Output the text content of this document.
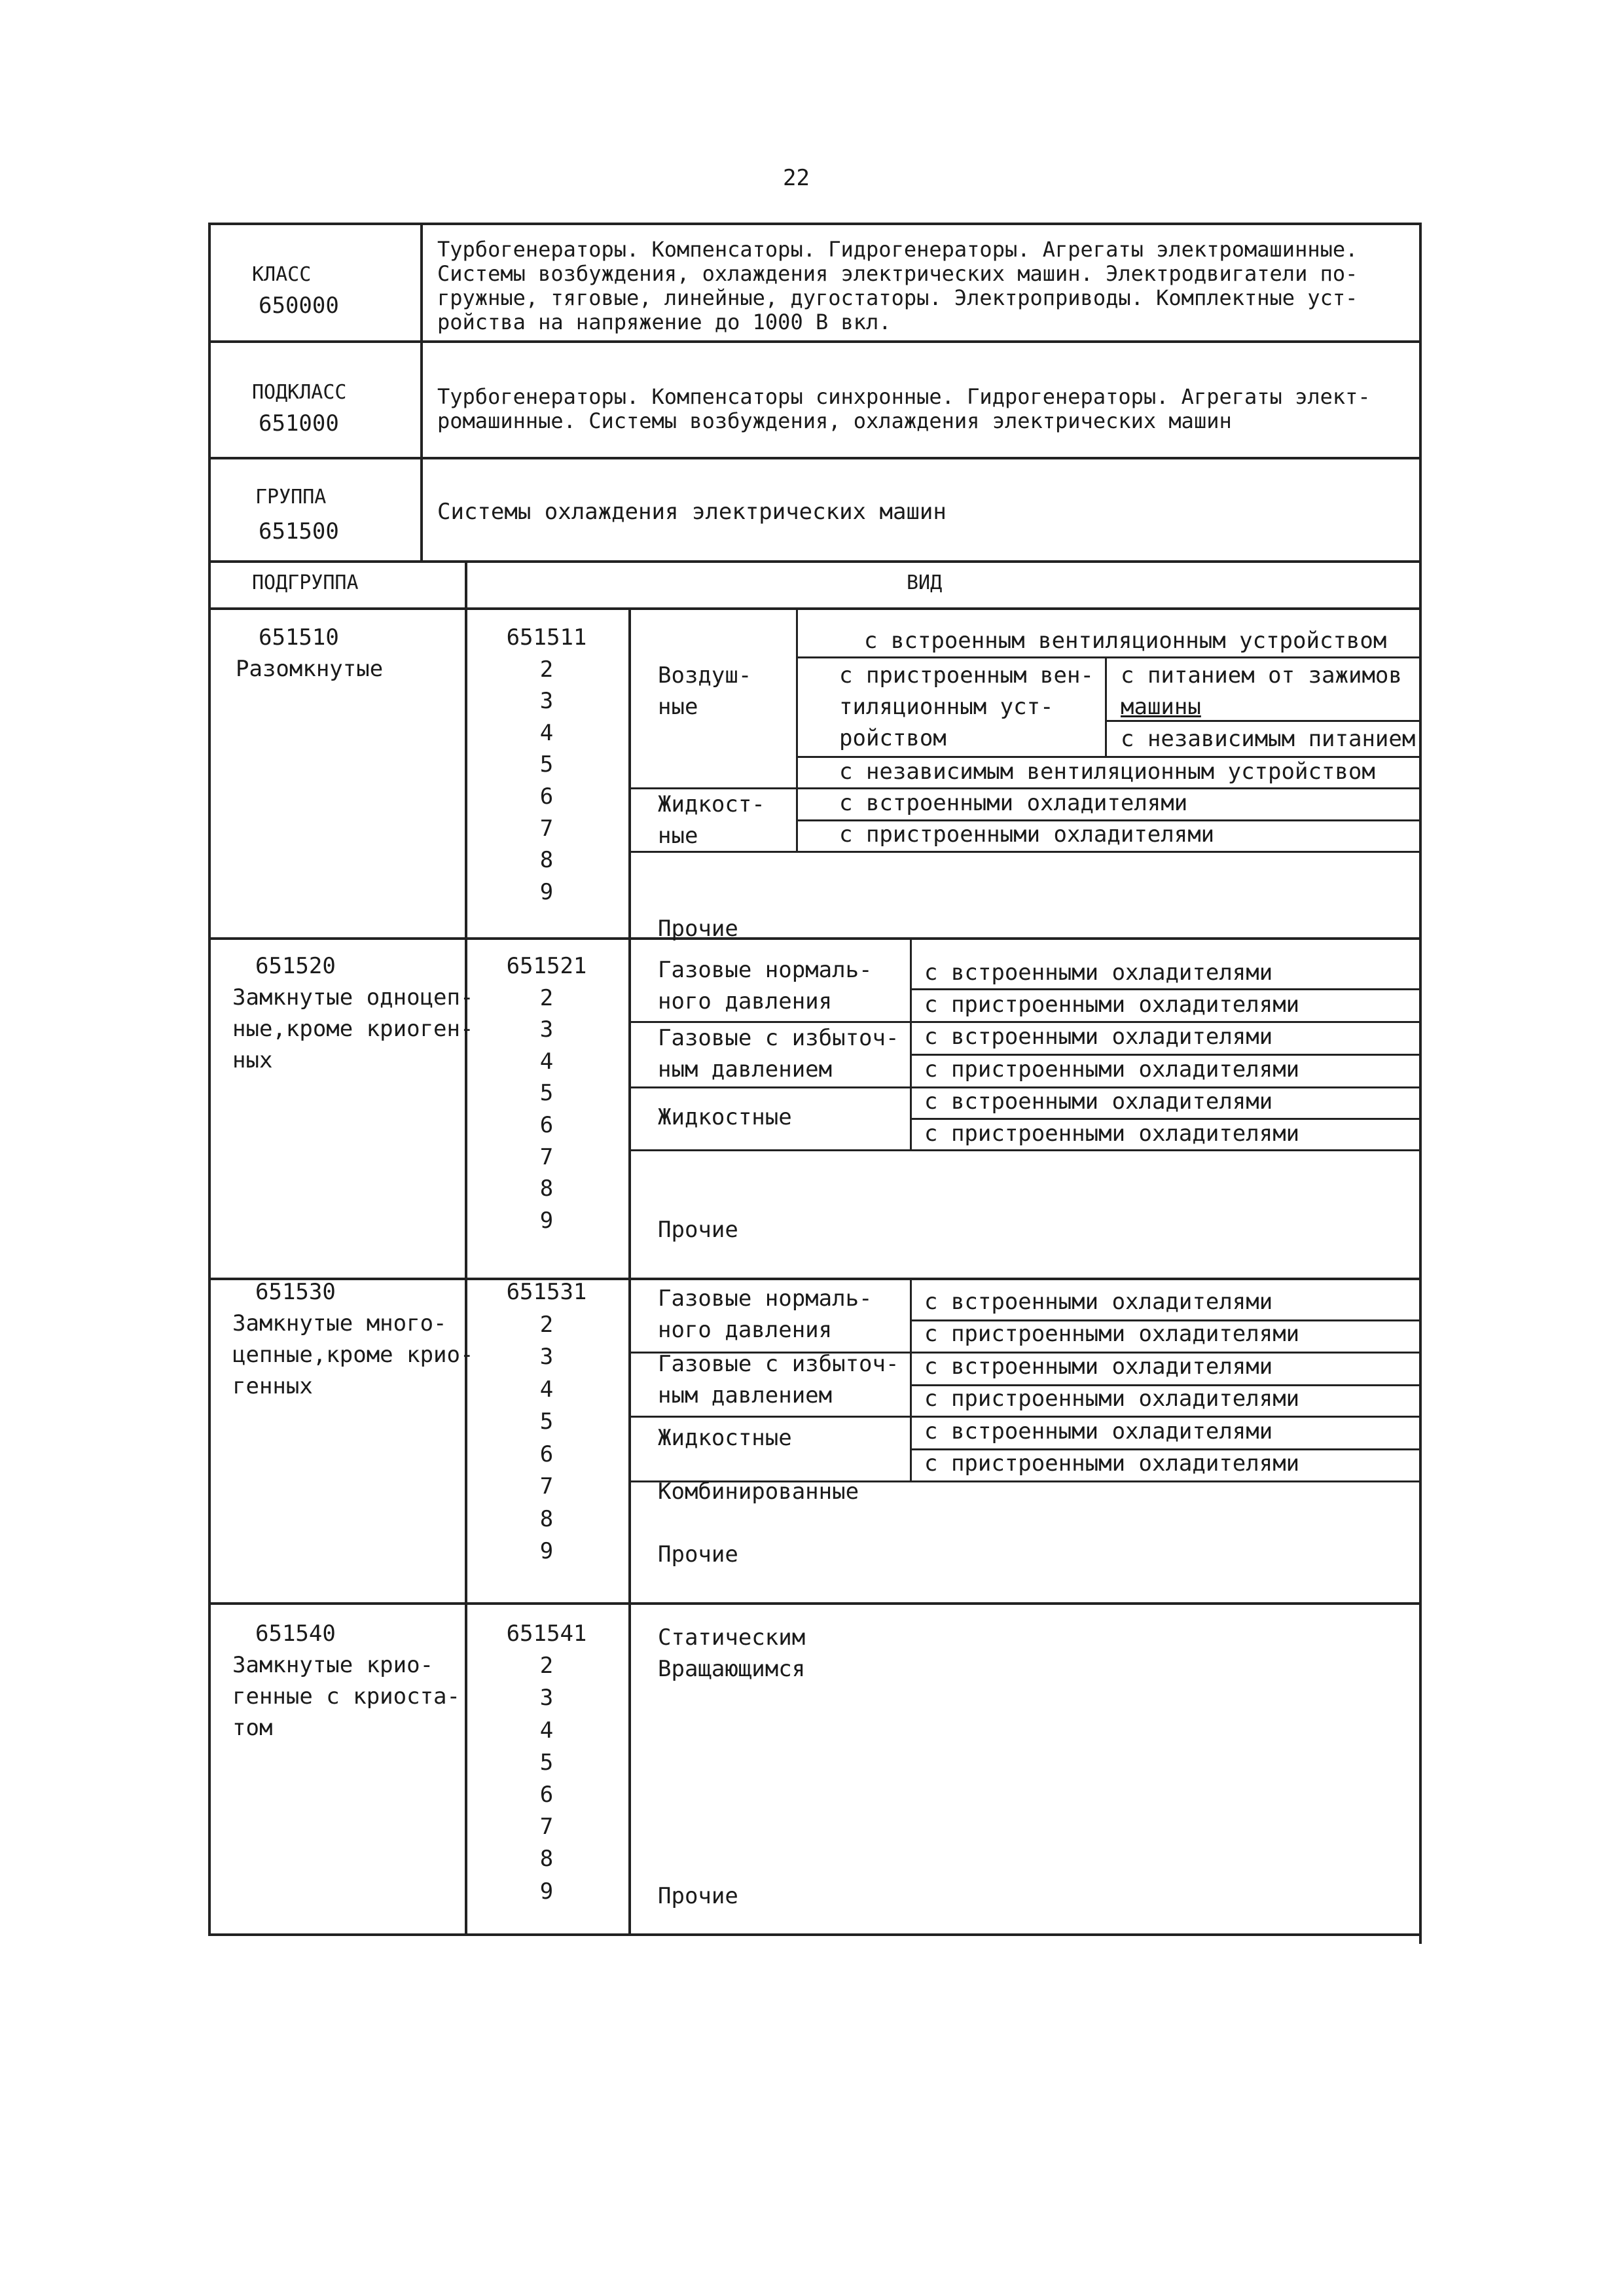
22
КЛАСС
650000
Турбогенераторы. Компенсаторы. Гидрогенераторы. Агрегаты электромашинные.
Системы возбуждения, охлаждения электрических машин. Электродвигатели по-
гружные, тяговые, линейные, дугостаторы. Электроприводы. Комплектные уст-
ройства на напряжение до 1000 В вкл.
ПОДКЛАСС
651000
Турбогенераторы. Компенсаторы синхронные. Гидрогенераторы. Агрегаты элект-
ромашинные. Системы возбуждения, охлаждения электрических машин
ГРУППА
651500
Системы охлаждения электрических машин
ПОДГРУППА	ВИД
651510
Разомкнутые
651511
2
3
4
5
6
7
8
9
Воздуш-
ные
с встроенным вентиляционным устройством
с пристроенным вен-
тиляционным уст-
ройством
с питанием от зажимов
машины
с независимым питанием
с независимым вентиляционным устройством
Жидкост-
ные
с встроенными охладителями
с пристроенными охладителями
Прочие
651520
Замкнутые одноцеп-
ные,кроме криоген-
ных
651521
2
3
4
5
6
7
8
9
Газовые нормаль-
ного давления
Газовые с избыточ-
ным давлением
Жидкостные
с встроенными охладителями
с пристроенными охладителями
с встроенными охладителями
с пристроенными охладителями
с встроенными охладителями
с пристроенными охладителями
Прочие
651530
Замкнутые много-
цепные,кроме крио-
генных
651531
2
3
4
5
6
7
8
9
Газовые нормаль-
ного давления
Газовые с избыточ-
ным давлением
Жидкостные
с встроенными охладителями
с пристроенными охладителями
с встроенными охладителями
с пристроенными охладителями
с встроенными охладителями
с пристроенными охладителями
Комбинированные
Прочие
651540
Замкнутые крио-
генные с криоста-
том
651541
2
3
4
5
6
7
8
9
Статическим
Вращающимся
Прочие
